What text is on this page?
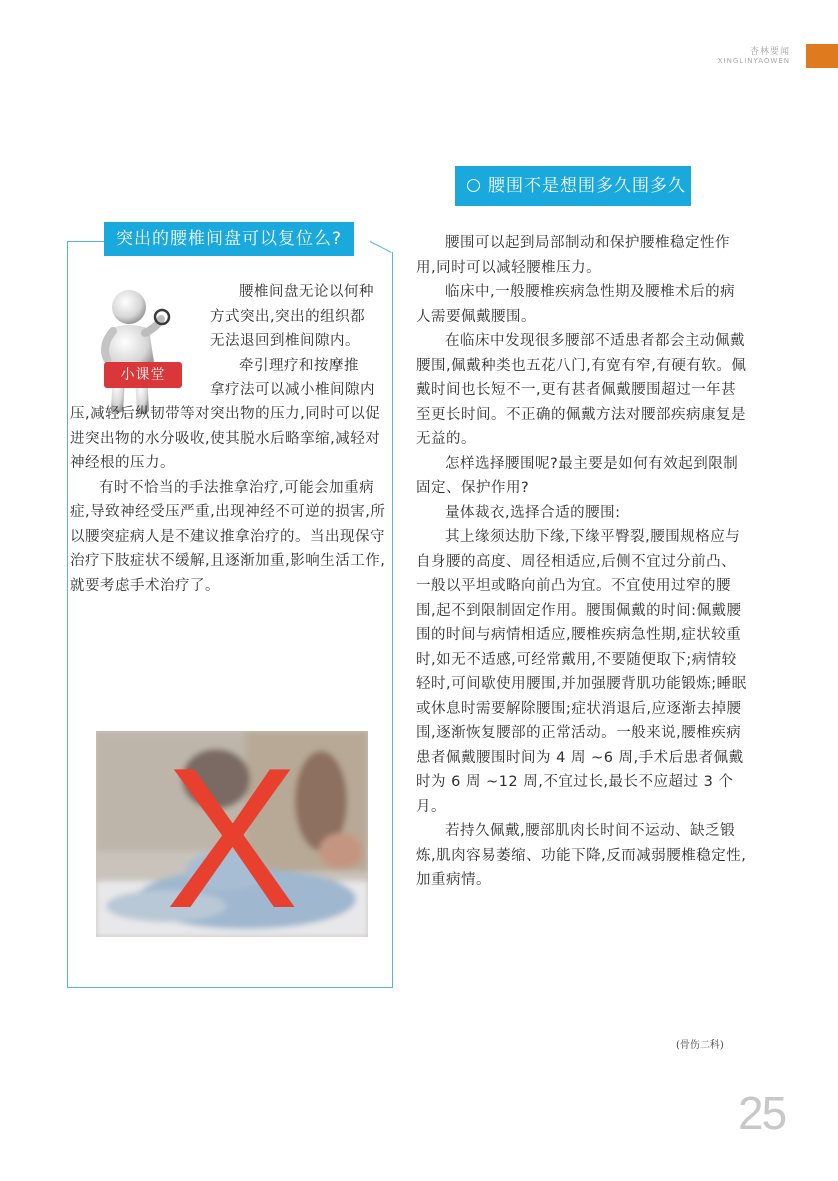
杏林要闻
XINGLINYAOWEN
突出的腰椎间盘可以复位么?
小课堂
腰椎间盘无论以何种
方式突出,突出的组织都
无法退回到椎间隙内。
牵引理疗和按摩推
拿疗法可以减小椎间隙内

压,减轻后纵韧带等对突出物的压力,同时可以促进突出物的水分吸收,使其脱水后略挛缩,减轻对神经根的压力。

有时不恰当的手法推拿治疗,可能会加重病症,导致神经受压严重,出现神经不可逆的损害,所以腰突症病人是不建议推拿治疗的。当出现保守治疗下肢症状不缓解,且逐渐加重,影响生活工作,就要考虑手术治疗了。

X
腰围不是想围多久围多久

腰围可以起到局部制动和保护腰椎稳定性作用,同时可以减轻腰椎压力。

临床中,一般腰椎疾病急性期及腰椎术后的病人需要佩戴腰围。

在临床中发现很多腰部不适患者都会主动佩戴腰围,佩戴种类也五花八门,有宽有窄,有硬有软。佩戴时间也长短不一,更有甚者佩戴腰围超过一年甚至更长时间。不正确的佩戴方法对腰部疾病康复是无益的。

怎样选择腰围呢?最主要是如何有效起到限制固定、保护作用?

量体裁衣,选择合适的腰围:

其上缘须达肋下缘,下缘平臀裂,腰围规格应与自身腰的高度、周径相适应,后侧不宜过分前凸、一般以平坦或略向前凸为宜。不宜使用过窄的腰围,起不到限制固定作用。腰围佩戴的时间:佩戴腰围的时间与病情相适应,腰椎疾病急性期,症状较重时,如无不适感,可经常戴用,不要随便取下;病情较轻时,可间歇使用腰围,并加强腰背肌功能锻炼;睡眠或休息时需要解除腰围;症状消退后,应逐渐去掉腰围,逐渐恢复腰部的正常活动。一般来说,腰椎疾病患者佩戴腰围时间为 4 周 ~6 周,手术后患者佩戴时为 6 周 ~12 周,不宜过长,最长不应超过 3 个月。

若持久佩戴,腰部肌肉长时间不运动、缺乏锻炼,肌肉容易萎缩、功能下降,反而减弱腰椎稳定性,加重病情。

(骨伤二科)
25
